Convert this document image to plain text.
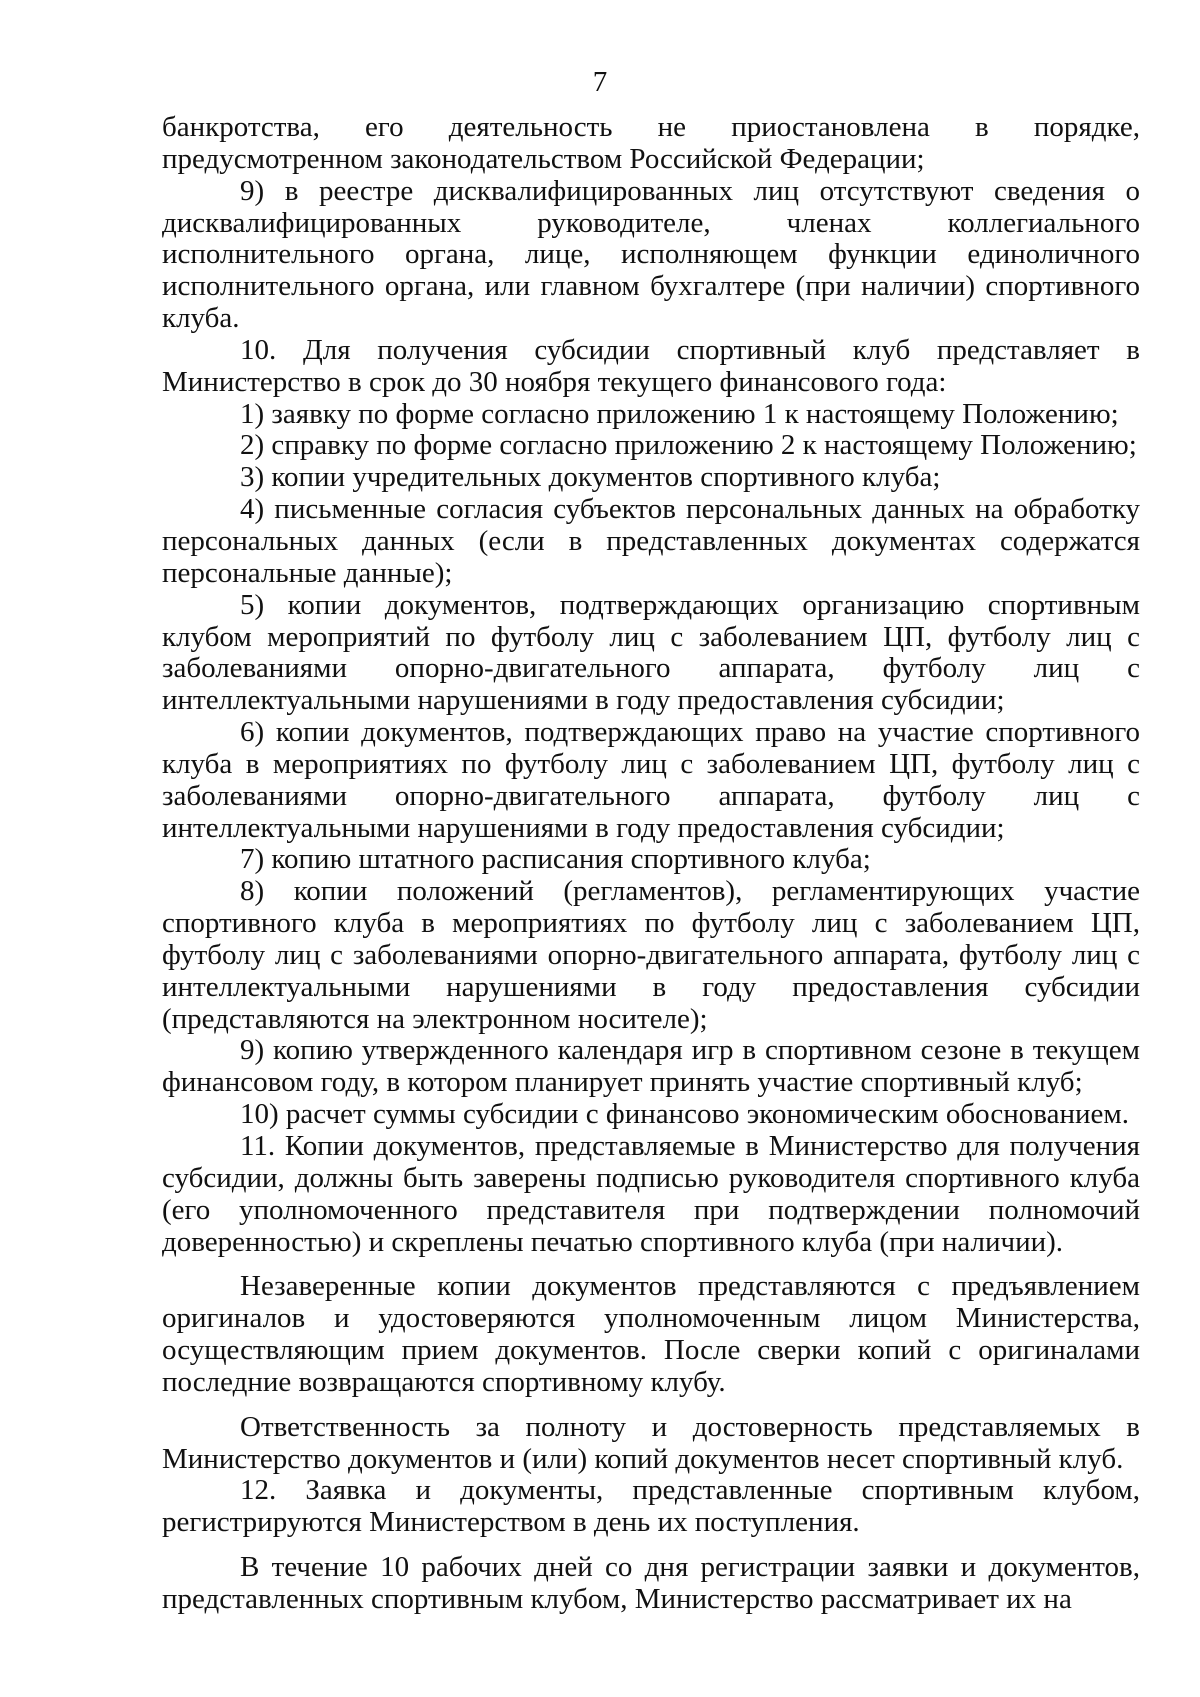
7

банкротства, его деятельность не приостановлена в порядке, предусмотренном законодательством Российской Федерации;

9) в реестре дисквалифицированных лиц отсутствуют сведения о дисквалифицированных руководителе, членах коллегиального исполнительного органа, лице, исполняющем функции единоличного исполнительного органа, или главном бухгалтере (при наличии) спортивного клуба.

10. Для получения субсидии спортивный клуб представляет в Министерство в срок до 30 ноября текущего финансового года:

1) заявку по форме согласно приложению 1 к настоящему Положению;

2) справку по форме согласно приложению 2 к настоящему Положению;

3) копии учредительных документов спортивного клуба;

4) письменные согласия субъектов персональных данных на обработку персональных данных (если в представленных документах содержатся персональные данные);

5) копии документов, подтверждающих организацию спортивным клубом мероприятий по футболу лиц с заболеванием ЦП, футболу лиц с заболеваниями опорно-двигательного аппарата, футболу лиц с интеллектуальными нарушениями в году предоставления субсидии;

6) копии документов, подтверждающих право на участие спортивного клуба в мероприятиях по футболу лиц с заболеванием ЦП, футболу лиц с заболеваниями опорно-двигательного аппарата, футболу лиц с интеллектуальными нарушениями в году предоставления субсидии;

7) копию штатного расписания спортивного клуба;

8) копии положений (регламентов), регламентирующих участие спортивного клуба в мероприятиях по футболу лиц с заболеванием ЦП, футболу лиц с заболеваниями опорно-двигательного аппарата, футболу лиц с интеллектуальными нарушениями в году предоставления субсидии (представляются на электронном носителе);

9) копию утвержденного календаря игр в спортивном сезоне в текущем финансовом году, в котором планирует принять участие спортивный клуб;

10) расчет суммы субсидии с финансово экономическим обоснованием.

11. Копии документов, представляемые в Министерство для получения субсидии, должны быть заверены подписью руководителя спортивного клуба (его уполномоченного представителя при подтверждении полномочий доверенностью) и скреплены печатью спортивного клуба (при наличии).

Незаверенные копии документов представляются с предъявлением оригиналов и удостоверяются уполномоченным лицом Министерства, осуществляющим прием документов. После сверки копий с оригиналами последние возвращаются спортивному клубу.

Ответственность за полноту и достоверность представляемых в Министерство документов и (или) копий документов несет спортивный клуб.

12. Заявка и документы, представленные спортивным клубом, регистрируются Министерством в день их поступления.

В течение 10 рабочих дней со дня регистрации заявки и документов, представленных спортивным клубом, Министерство рассматривает их на
